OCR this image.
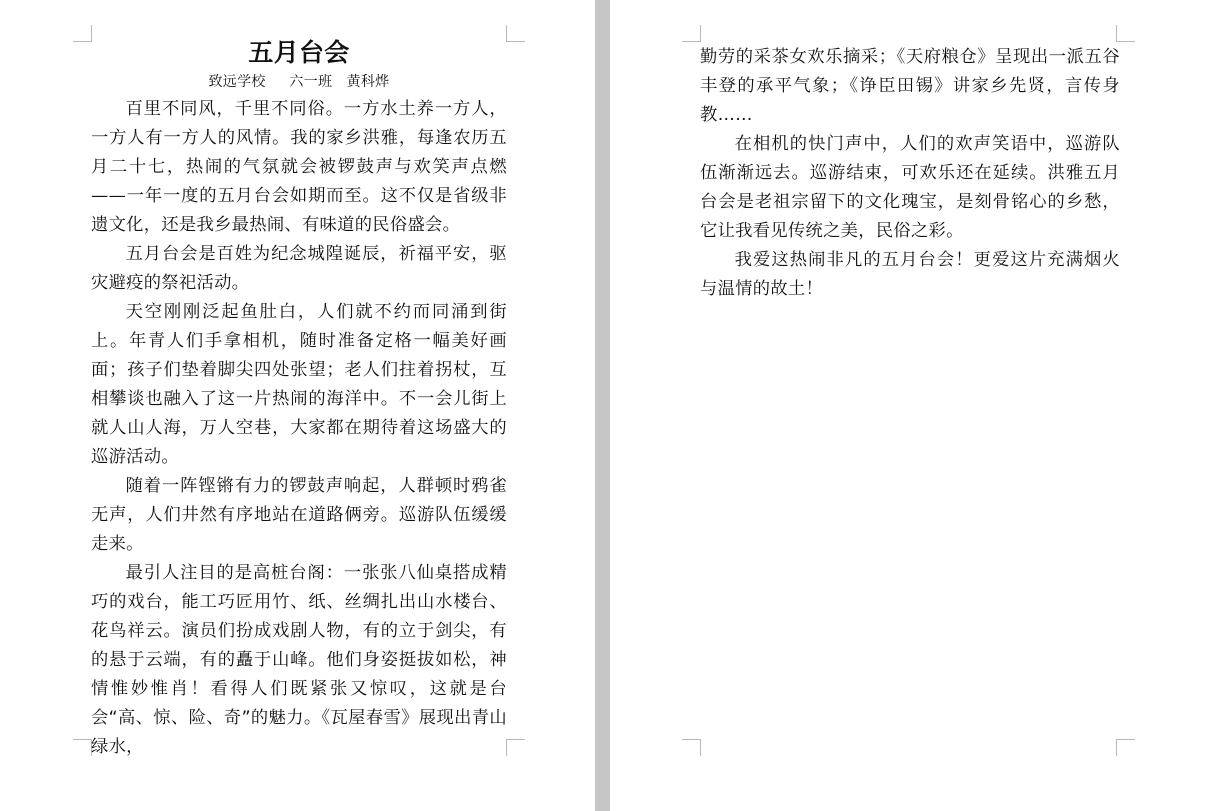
五月台会

致远学校     六一班   黄科烨

百里不同风，千里不同俗。一方水土养一方人，一方人有一方人的风情。我的家乡洪雅，每逢农历五月二十七，热闹的气氛就会被锣鼓声与欢笑声点燃——一年一度的五月台会如期而至。这不仅是省级非遗文化，还是我乡最热闹、有味道的民俗盛会。

五月台会是百姓为纪念城隍诞辰，祈福平安，驱灾避疫的祭祀活动。

天空刚刚泛起鱼肚白，人们就不约而同涌到街上。年青人们手拿相机，随时准备定格一幅美好画面；孩子们垫着脚尖四处张望；老人们拄着拐杖，互相攀谈也融入了这一片热闹的海洋中。不一会儿街上就人山人海，万人空巷，大家都在期待着这场盛大的巡游活动。

随着一阵铿锵有力的锣鼓声响起，人群顿时鸦雀无声，人们井然有序地站在道路俩旁。巡游队伍缓缓走来。

最引人注目的是高桩台阁：一张张八仙桌搭成精巧的戏台，能工巧匠用竹、纸、丝绸扎出山水楼台、花鸟祥云。演员们扮成戏剧人物，有的立于剑尖，有的悬于云端，有的矗于山峰。他们身姿挺拔如松，神情惟妙惟肖！看得人们既紧张又惊叹，这就是台会“高、惊、险、奇”的魅力。《瓦屋春雪》展现出青山绿水，

勤劳的采茶女欢乐摘采；《天府粮仓》呈现出一派五谷丰登的承平气象；《诤臣田锡》讲家乡先贤，言传身教……

在相机的快门声中，人们的欢声笑语中，巡游队伍渐渐远去。巡游结束，可欢乐还在延续。洪雅五月台会是老祖宗留下的文化瑰宝，是刻骨铭心的乡愁，它让我看见传统之美，民俗之彩。

我爱这热闹非凡的五月台会！更爱这片充满烟火与温情的故土！
